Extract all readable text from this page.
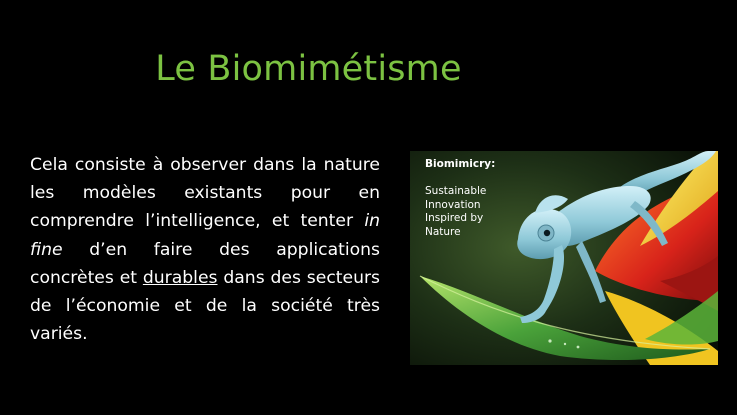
Le Biomimétisme

Cela consiste à observer dans la nature les modèles existants pour en comprendre l’intelligence, et tenter in fine d’en faire des applications concrètes et durables dans des secteurs de l’économie et de la société très variés.

Biomimicry:
Sustainable
Innovation
Inspired by
Nature
